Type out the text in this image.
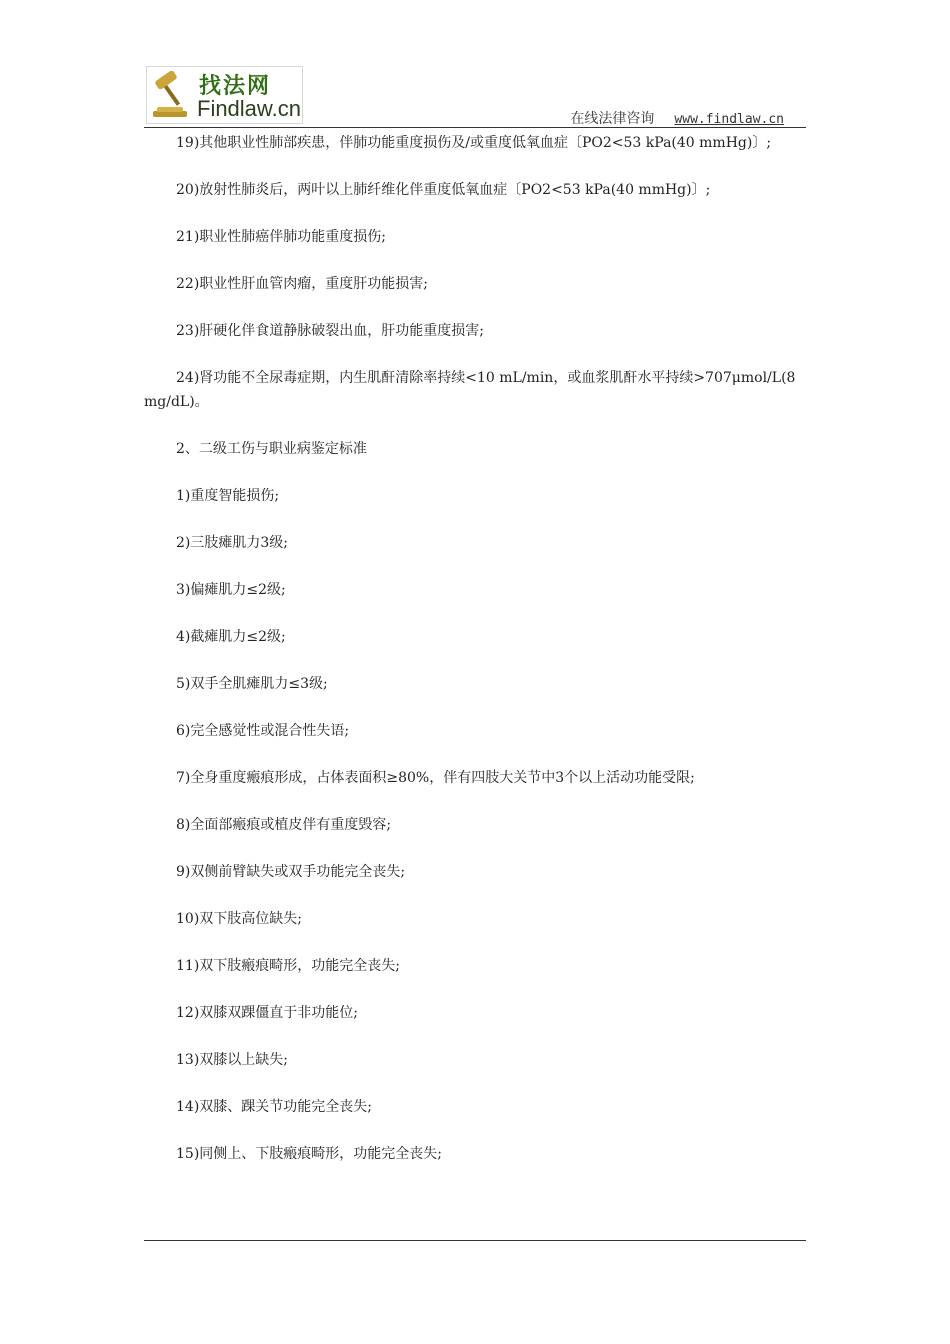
找法网
Findlaw.cn	在线法律咨询 www.findlaw.cn

19)其他职业性肺部疾患，伴肺功能重度损伤及/或重度低氧血症〔PO2<53 kPa(40 mmHg)〕;

20)放射性肺炎后，两叶以上肺纤维化伴重度低氧血症〔PO2<53 kPa(40 mmHg)〕;

21)职业性肺癌伴肺功能重度损伤;

22)职业性肝血管肉瘤，重度肝功能损害;

23)肝硬化伴食道静脉破裂出血，肝功能重度损害;

24)肾功能不全尿毒症期，内生肌酐清除率持续<10 mL/min，或血浆肌酐水平持续>707μmol/L(8 mg/dL)。

2、二级工伤与职业病鉴定标准

1)重度智能损伤;

2)三肢瘫肌力3级;

3)偏瘫肌力≤2级;

4)截瘫肌力≤2级;

5)双手全肌瘫肌力≤3级;

6)完全感觉性或混合性失语;

7)全身重度瘢痕形成，占体表面积≥80%，伴有四肢大关节中3个以上活动功能受限;

8)全面部瘢痕或植皮伴有重度毁容;

9)双侧前臂缺失或双手功能完全丧失;

10)双下肢高位缺失;

11)双下肢瘢痕畸形，功能完全丧失;

12)双膝双踝僵直于非功能位;

13)双膝以上缺失;

14)双膝、踝关节功能完全丧失;

15)同侧上、下肢瘢痕畸形，功能完全丧失;
